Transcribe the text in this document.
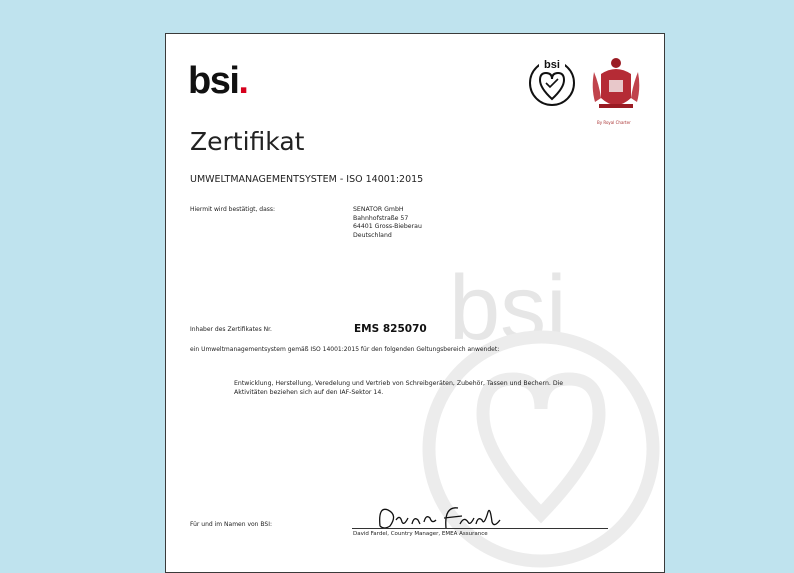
bsi
bsi.	bsi
By Royal Charter
Zertifikat
UMWELTMANAGEMENTSYSTEM - ISO 14001:2015
Hiermit wird bestätigt, dass:	SENATOR GmbH
Bahnhofstraße 57
64401 Gross-Bieberau
Deutschland
Inhaber des Zertifikates Nr.	EMS 825070
ein Umweltmanagementsystem gemäß ISO 14001:2015 für den folgenden Geltungsbereich anwendet:
Entwicklung, Herstellung, Veredelung und Vertrieb von Schreibgeräten, Zubehör, Tassen und Bechern. Die Aktivitäten beziehen sich auf den IAF-Sektor 14.
Für und im Namen von BSI:
David Fardel, Country Manager, EMEA Assurance
